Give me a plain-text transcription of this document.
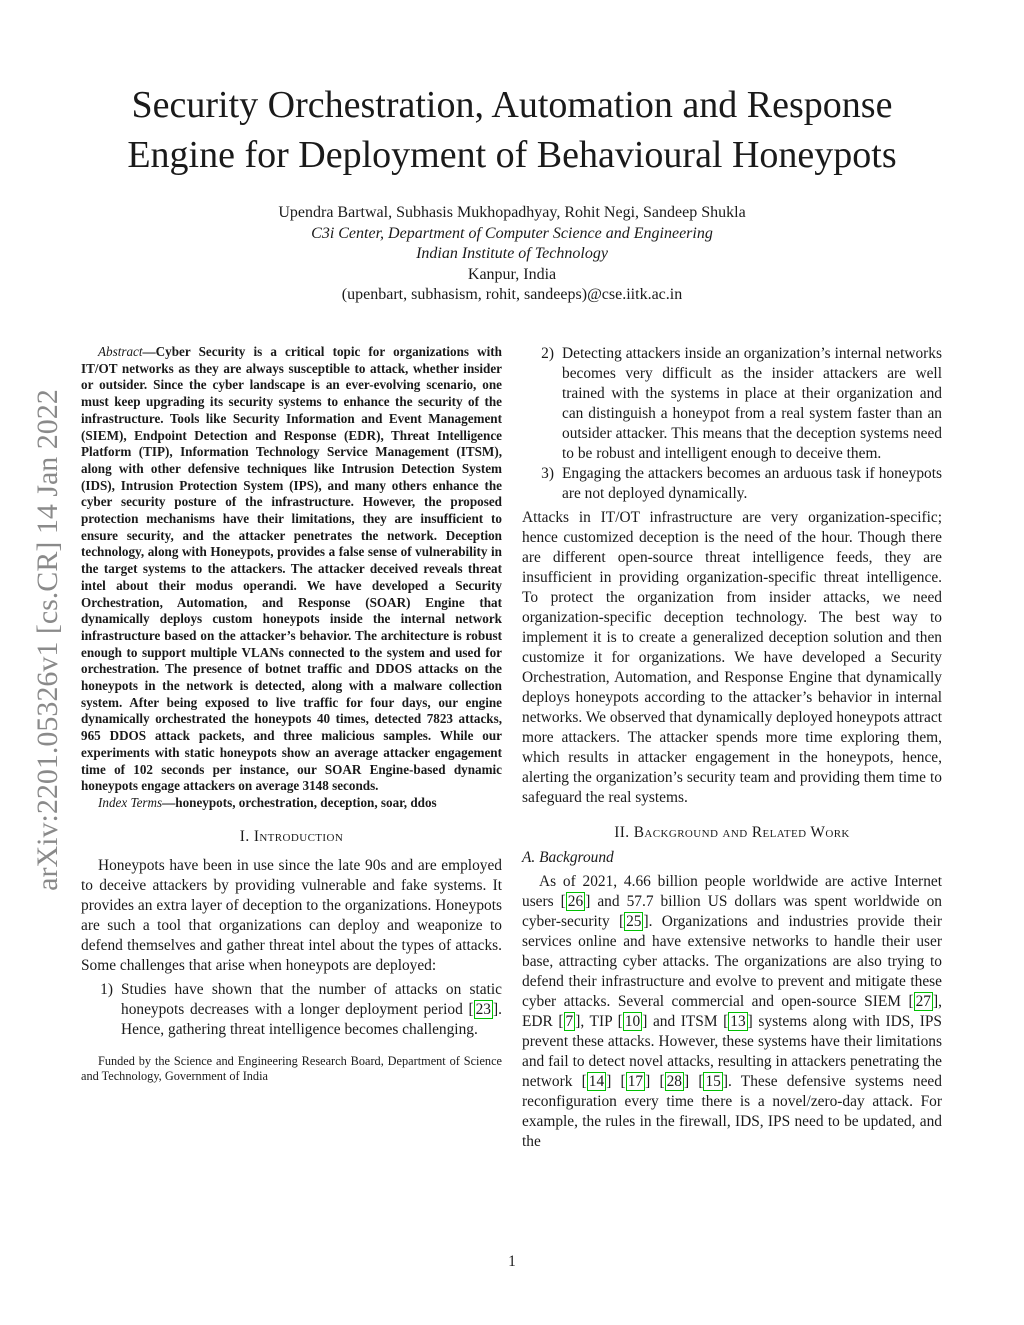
Security Orchestration, Automation and Response
Engine for Deployment of Behavioural Honeypots
Upendra Bartwal, Subhasis Mukhopadhyay, Rohit Negi, Sandeep Shukla
C3i Center, Department of Computer Science and Engineering
Indian Institute of Technology
Kanpur, India
(upenbart, subhasism, rohit, sandeeps)@cse.iitk.ac.in
arXiv:2201.05326v1 [cs.CR] 14 Jan 2022

Abstract—Cyber Security is a critical topic for organizations with IT/OT networks as they are always susceptible to attack, whether insider or outsider. Since the cyber landscape is an ever-evolving scenario, one must keep upgrading its security systems to enhance the security of the infrastructure. Tools like Security Information and Event Management (SIEM), Endpoint Detection and Response (EDR), Threat Intelligence Platform (TIP), Information Technology Service Management (ITSM), along with other defensive techniques like Intrusion Detection System (IDS), Intrusion Protection System (IPS), and many others enhance the cyber security posture of the infrastructure. However, the proposed protection mechanisms have their limitations, they are insufficient to ensure security, and the attacker penetrates the network. Deception technology, along with Honeypots, provides a false sense of vulnerability in the target systems to the attackers. The attacker deceived reveals threat intel about their modus operandi. We have developed a Security Orchestration, Automation, and Response (SOAR) Engine that dynamically deploys custom honeypots inside the internal network infrastructure based on the attacker’s behavior. The architecture is robust enough to support multiple VLANs connected to the system and used for orchestration. The presence of botnet traffic and DDOS attacks on the honeypots in the network is detected, along with a malware collection system. After being exposed to live traffic for four days, our engine dynamically orchestrated the honeypots 40 times, detected 7823 attacks, 965 DDOS attack packets, and three malicious samples. While our experiments with static honeypots show an average attacker engagement time of 102 seconds per instance, our SOAR Engine-based dynamic honeypots engage attackers on average 3148 seconds.

Index Terms—honeypots, orchestration, deception, soar, ddos

I. Introduction

Honeypots have been in use since the late 90s and are employed to deceive attackers by providing vulnerable and fake systems. It provides an extra layer of deception to the organizations. Honeypots are such a tool that organizations can deploy and weaponize to defend themselves and gather threat intel about the types of attacks. Some challenges that arise when honeypots are deployed:

1) Studies have shown that the number of attacks on static honeypots decreases with a longer deployment period [ 23 ]. Hence, gathering threat intelligence becomes challenging.

Funded by the Science and Engineering Research Board, Department of Science and Technology, Government of India

2) Detecting attackers inside an organization’s internal networks becomes very difficult as the insider attackers are well trained with the systems in place at their organization and can distinguish a honeypot from a real system faster than an outsider attacker. This means that the deception systems need to be robust and intelligent enough to deceive them.
3) Engaging the attackers becomes an arduous task if honeypots are not deployed dynamically.

Attacks in IT/OT infrastructure are very organization-specific; hence customized deception is the need of the hour. Though there are different open-source threat intelligence feeds, they are insufficient in providing organization-specific threat intelligence. To protect the organization from insider attacks, we need organization-specific deception technology. The best way to implement it is to create a generalized deception solution and then customize it for organizations. We have developed a Security Orchestration, Automation, and Response Engine that dynamically deploys honeypots according to the attacker’s behavior in internal networks. We observed that dynamically deployed honeypots attract more attackers. The attacker spends more time exploring them, which results in attacker engagement in the honeypots, hence, alerting the organization’s security team and providing them time to safeguard the real systems.

II. Background and Related Work

A. Background

As of 2021, 4.66 billion people worldwide are active Internet users [ 26 ] and 57.7 billion US dollars was spent worldwide on cyber-security [ 25 ]. Organizations and industries provide their services online and have extensive networks to handle their user base, attracting cyber attacks. The organizations are also trying to defend their infrastructure and evolve to prevent and mitigate these cyber attacks. Several commercial and open-source SIEM [ 27 ], EDR [ 7 ], TIP [ 10 ] and ITSM [ 13 ] systems along with IDS, IPS prevent these attacks. However, these systems have their limitations and fail to detect novel attacks, resulting in attackers penetrating the network [ 14 ] [ 17 ] [ 28 ] [ 15 ]. These defensive systems need reconfiguration every time there is a novel/zero-day attack. For example, the rules in the firewall, IDS, IPS need to be updated, and the

1
